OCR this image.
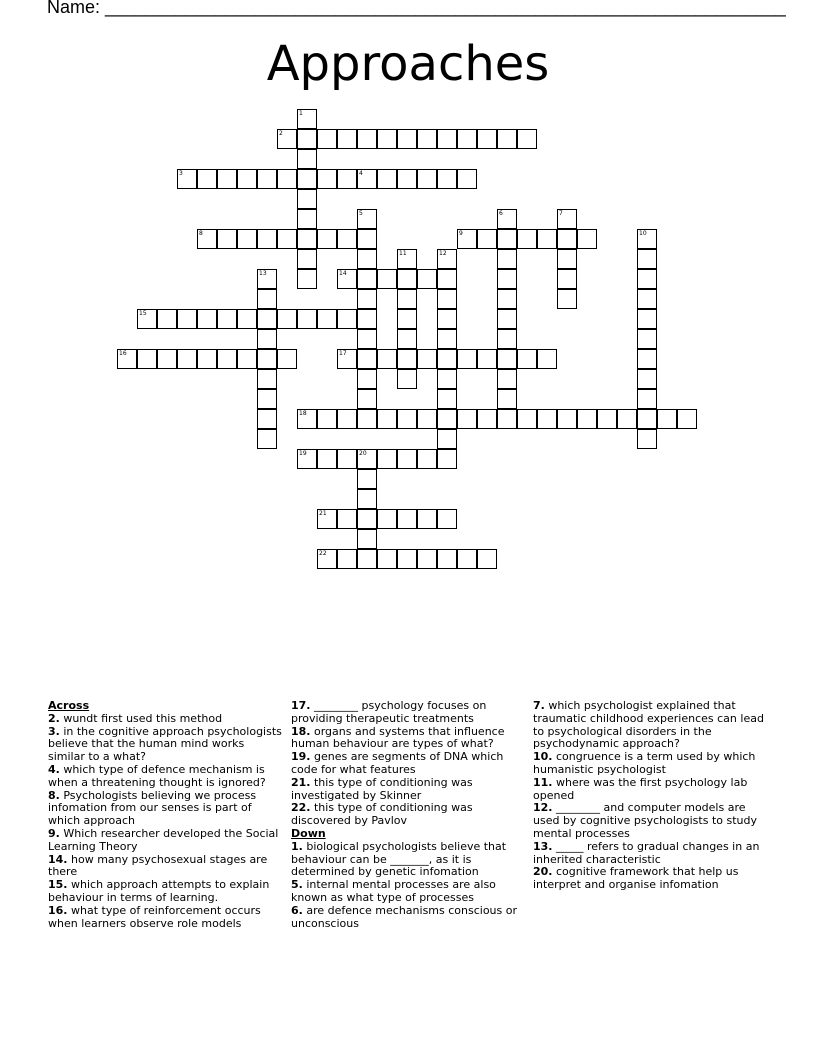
Name: ____________________________________________________________________
Approaches
1
2
3	4
5	6	7
8	9	10
11	12
13	14
15
16	17
18
19	20
21
22
Across
2. wundt first used this method
3. in the cognitive approach psychologists believe that the human mind works similar to a what?
4. which type of defence mechanism is when a threatening thought is ignored?
8. Psychologists believing we process infomation from our senses is part of which approach
9. Which researcher developed the Social Learning Theory
14. how many psychosexual stages are there
15. which approach attempts to explain behaviour in terms of learning.
16. what type of reinforcement occurs when learners observe role models
17. ________ psychology focuses on providing therapeutic treatments
18. organs and systems that influence human behaviour are types of what?
19. genes are segments of DNA which code for what features
21. this type of conditioning was investigated by Skinner
22. this type of conditioning was discovered by Pavlov
Down
1. biological psychologists believe that behaviour can be _______, as it is determined by genetic infomation
5. internal mental processes are also known as what type of processes
6. are defence mechanisms conscious or unconscious
7. which psychologist explained that traumatic childhood experiences can lead to psychological disorders in the psychodynamic approach?
10. congruence is a term used by which humanistic psychologist
11. where was the first psychology lab opened
12. ________ and computer models are used by cognitive psychologists to study mental processes
13. _____ refers to gradual changes in an inherited characteristic
20. cognitive framework that help us interpret and organise infomation
